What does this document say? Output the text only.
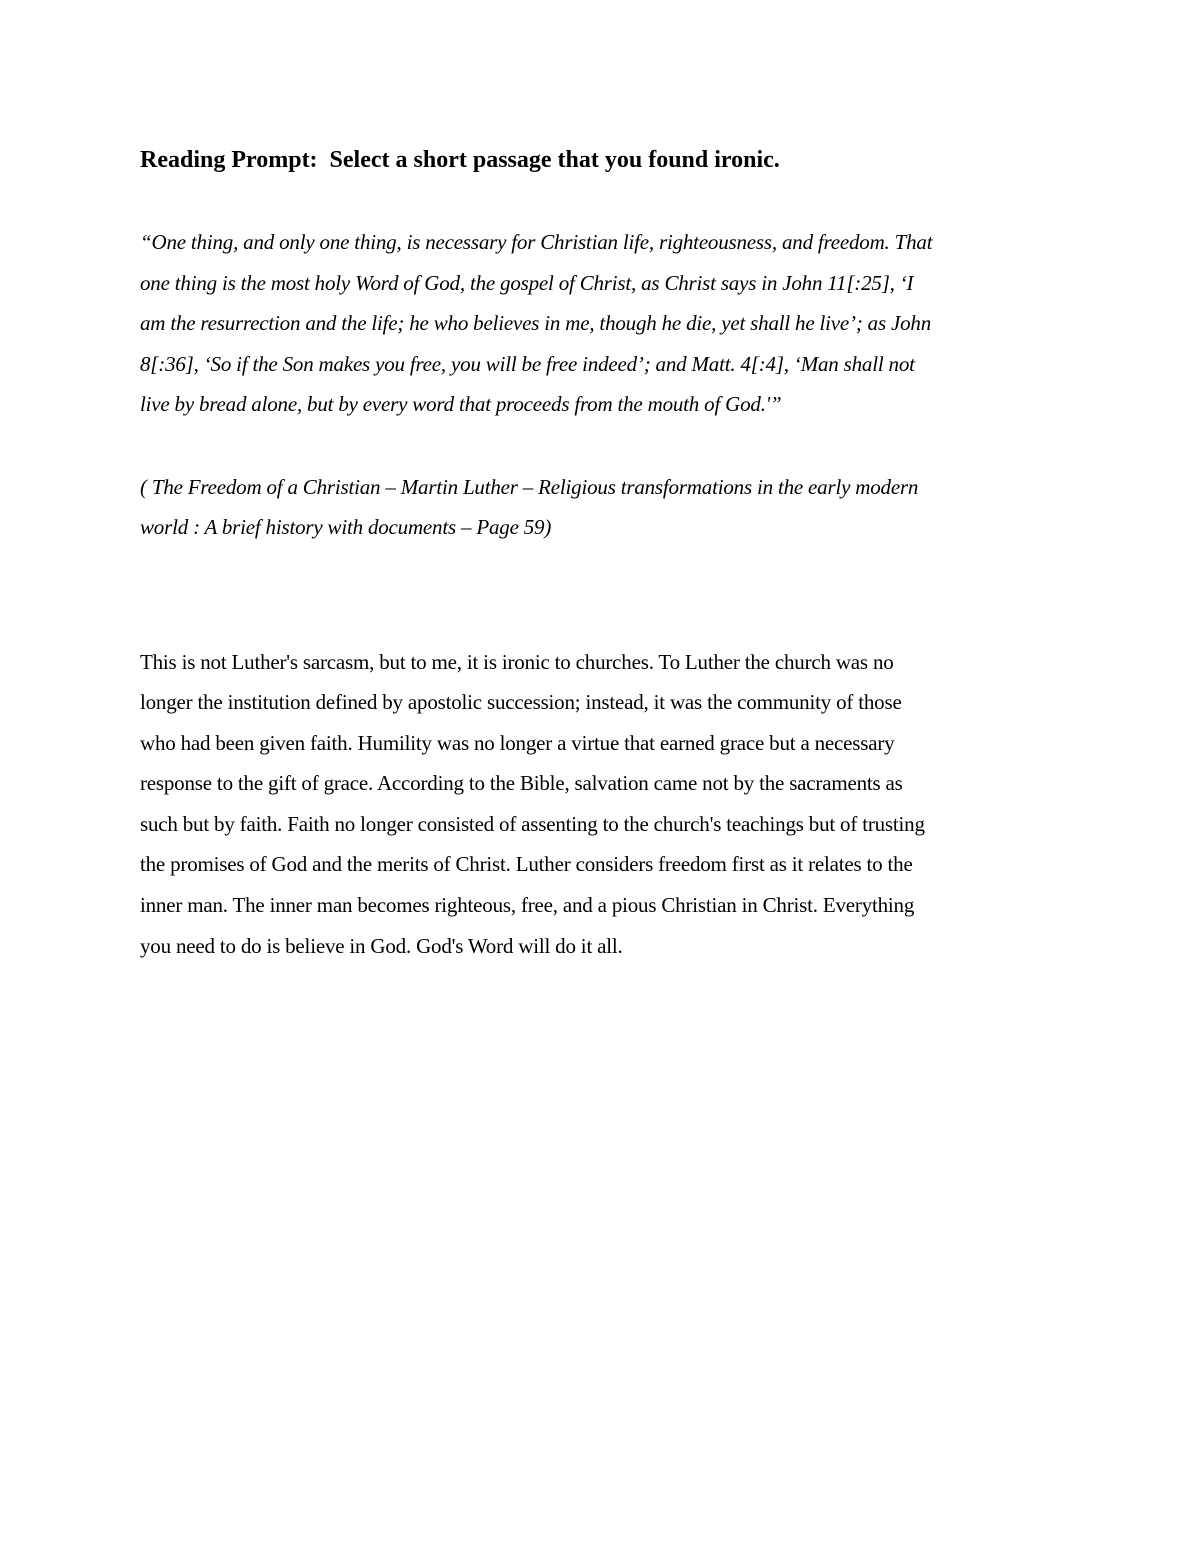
Reading Prompt:  Select a short passage that you found ironic.

“One thing, and only one thing, is necessary for Christian life, righteousness, and freedom. That
one thing is the most holy Word of God, the gospel of Christ, as Christ says in John 11[:25], ‘I
am the resurrection and the life; he who believes in me, though he die, yet shall he live’; as John
8[:36], ‘So if the Son makes you free, you will be free indeed’; and Matt. 4[:4], ‘Man shall not
live by bread alone, but by every word that proceeds from the mouth of God.'”

( The Freedom of a Christian – Martin Luther – Religious transformations in the early modern
world : A brief history with documents – Page 59)

This is not Luther's sarcasm, but to me, it is ironic to churches. To Luther the church was no
longer the institution defined by apostolic succession; instead, it was the community of those
who had been given faith. Humility was no longer a virtue that earned grace but a necessary
response to the gift of grace. According to the Bible, salvation came not by the sacraments as
such but by faith. Faith no longer consisted of assenting to the church's teachings but of trusting
the promises of God and the merits of Christ. Luther considers freedom first as it relates to the
inner man. The inner man becomes righteous, free, and a pious Christian in Christ. Everything
you need to do is believe in God. God's Word will do it all.
